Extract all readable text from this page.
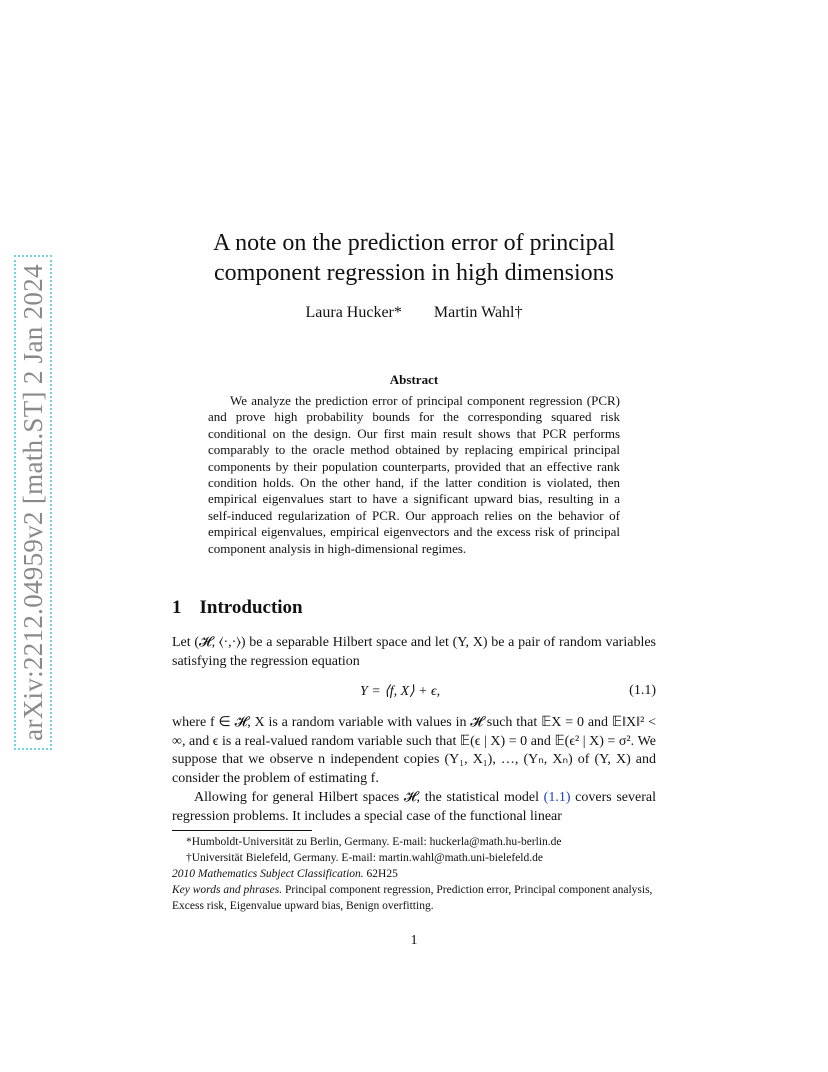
arXiv:2212.04959v2 [math.ST] 2 Jan 2024
A note on the prediction error of principal component regression in high dimensions
Laura Hucker* Martin Wahl†
Abstract
We analyze the prediction error of principal component regression (PCR) and prove high probability bounds for the corresponding squared risk conditional on the design. Our first main result shows that PCR performs comparably to the oracle method obtained by replacing empirical principal components by their population counterparts, provided that an effective rank condition holds. On the other hand, if the latter condition is violated, then empirical eigenvalues start to have a significant upward bias, resulting in a self-induced regularization of PCR. Our approach relies on the behavior of empirical eigenvalues, empirical eigenvectors and the excess risk of principal component analysis in high-dimensional regimes.
1 Introduction
Let (𝓗, ⟨·,·⟩) be a separable Hilbert space and let (Y, X) be a pair of random variables satisfying the regression equation
Y = ⟨f, X⟩ + ϵ,	(1.1)
where f ∈ 𝓗, X is a random variable with values in 𝓗 such that 𝔼X = 0 and 𝔼‖X‖² < ∞, and ϵ is a real-valued random variable such that 𝔼(ϵ | X) = 0 and 𝔼(ϵ² | X) = σ². We suppose that we observe n independent copies (Y₁, X₁), …, (Yₙ, Xₙ) of (Y, X) and consider the problem of estimating f.
Allowing for general Hilbert spaces 𝓗, the statistical model (1.1) covers several regression problems. It includes a special case of the functional linear
*Humboldt-Universität zu Berlin, Germany. E-mail: huckerla@math.hu-berlin.de
†Universität Bielefeld, Germany. E-mail: martin.wahl@math.uni-bielefeld.de
2010 Mathematics Subject Classification. 62H25
Key words and phrases. Principal component regression, Prediction error, Principal component analysis, Excess risk, Eigenvalue upward bias, Benign overfitting.
1
